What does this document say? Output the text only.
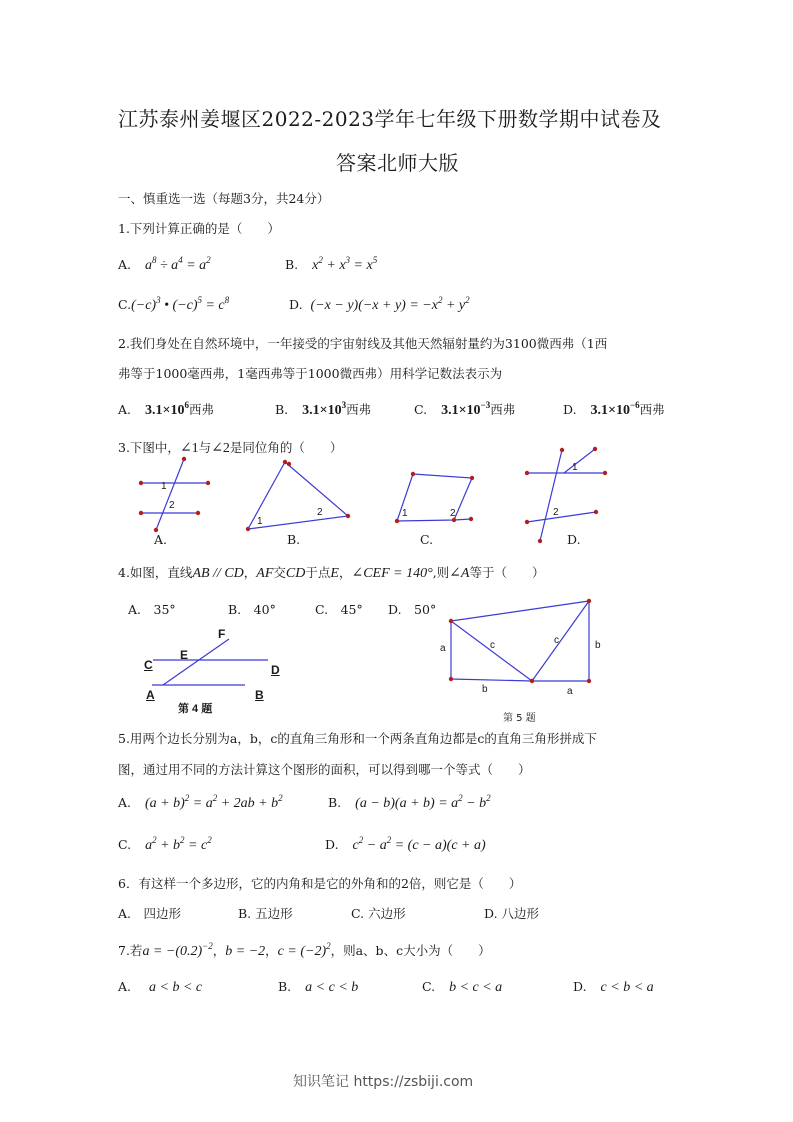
江苏泰州姜堰区2022-2023学年七年级下册数学期中试卷及
答案北师大版
一、慎重选一选（每题3分，共24分）
1.下列计算正确的是（　　）
A. $a^8 \div a^4 = a^2$	B. $x^2 + x^3 = x^5$
$C.(-c)^3$ • $(-c)^5 = c^8$	D. $(-x - y)(-x + y) = -x^2 + y^2$
2.我们身处在自然环境中，一年接受的宇宙射线及其他天然辐射量约为3100微西弗（1西
弗等于1000毫西弗，1毫西弗等于1000微西弗）用科学记数法表示为
A. $3.1\times 10^6$西弗	B. $3.1\times 10^3$西弗	C. $3.1\times 10^{-3}$西弗	D. $3.1\times 10^{-6}$西弗
3.下图中，∠1与∠2是同位角的（　　）
1
2
1
2	1	2
1
2
A.	B.	C.	D.
4.如图，直线AB // CD，AF交CD于点E，∠CEF = 140°,则∠A等于（　　）
A.　35°	B.　40°	C.　45° D.　50°
F
E
C	D
A	B
第 4 题
a	c	c	b
b	a
第 5 题
5.用两个边长分别为a，b，c的直角三角形和一个两条直角边都是c的直角三角形拼成下
图，通过用不同的方法计算这个图形的面积，可以得到哪一个等式（　　）
A. $(a + b)^2 = a^2 + 2ab + b^2$	B. $(a - b)(a + b) = a^2 - b^2$
C. $a^2 + b^2 = c^2$	D. $c^2 - a^2 = (c - a)(c + a)$
6．有这样一个多边形，它的内角和是它的外角和的2倍，则它是（　　）
A.　四边形	B. 五边形	C. 六边形	D. 八边形
7.若$a = -(0.2)^{-2}$，b = −2，$c = (-2)^2$，则a、b、c大小为（　　）
A. a < b < c	B. a < c < b	C. b < c < a	D. c < b < a
知识笔记 https://zsbiji.com
